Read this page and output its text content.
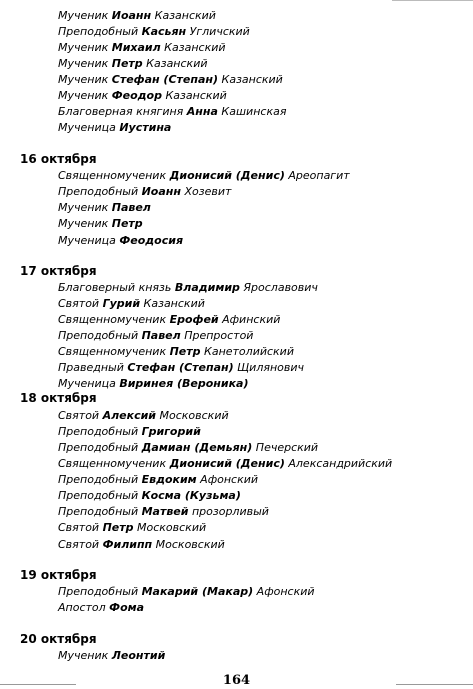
Мученик Иоанн Казанский
Преподобный Касьян Угличский
Мученик Михаил Казанский
Мученик Петр Казанский
Мученик Стефан (Степан) Казанский
Мученик Феодор Казанский
Благоверная княгиня Анна Кашинская
Мученица Иустина
16 октября
Священномученик Дионисий (Денис) Ареопагит
Преподобный Иоанн Хозевит
Мученик Павел
Мученик Петр
Мученица Феодосия
17 октября
Благоверный князь Владимир Ярославович
Святой Гурий Казанский
Священномученик Ерофей Афинский
Преподобный Павел Препростой
Священномученик Петр Канетолийский
Праведный Стефан (Степан) Щилянович
Мученица Виринея (Вероника)
18 октября
Святой Алексий Московский
Преподобный Григорий
Преподобный Дамиан (Демьян) Печерский
Священномученик Дионисий (Денис) Александрийский
Преподобный Евдоким Афонский
Преподобный Косма (Кузьма)
Преподобный Матвей прозорливый
Святой Петр Московский
Святой Филипп Московский
19 октября
Преподобный Макарий (Макар) Афонский
Апостол Фома
20 октября
Мученик Леонтий
164
